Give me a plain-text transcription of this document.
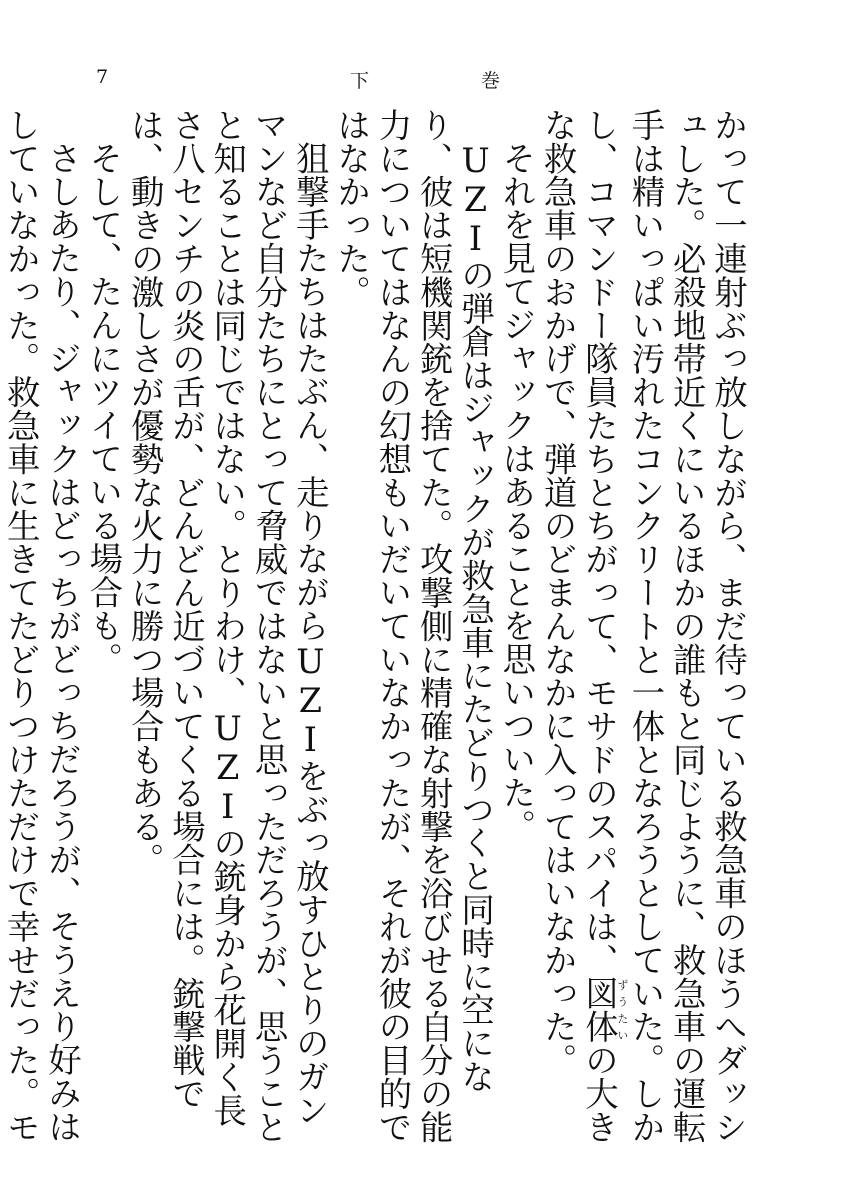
7	下	巻

かって一連射ぶっ放しながら、まだ待っている救急車のほうへダッシュした。必殺地帯近くにいるほかの誰もと同じように、救急車の運転手は精いっぱい汚れたコンクリートと一体となろうとしていた。しかし、コマンドー隊員たちとちがって、モサドのスパイは、図体ずうたいの大きな救急車のおかげで、弾道のどまんなかに入ってはいなかった。

それを見てジャックはあることを思いついた。

UZIの弾倉はジャックが救急車にたどりつくと同時に空になり、彼は短機関銃を捨てた。攻撃側に精確な射撃を浴びせる自分の能力についてはなんの幻想もいだいていなかったが、それが彼の目的ではなかった。

狙撃手たちはたぶん、走りながらUZIをぶっ放すひとりのガンマンなど自分たちにとって脅威ではないと思っただろうが、思うことと知ることは同じではない。とりわけ、UZIの銃身から花開く長さ八センチの炎の舌が、どんどん近づいてくる場合には。銃撃戦では、動きの激しさが優勢な火力に勝つ場合もある。

そして、たんにツイている場合も。

さしあたり、ジャックはどっちがどっちだろうが、そうえり好みはしていなかった。救急車に生きてたどりつけただけで幸せだった。モ
